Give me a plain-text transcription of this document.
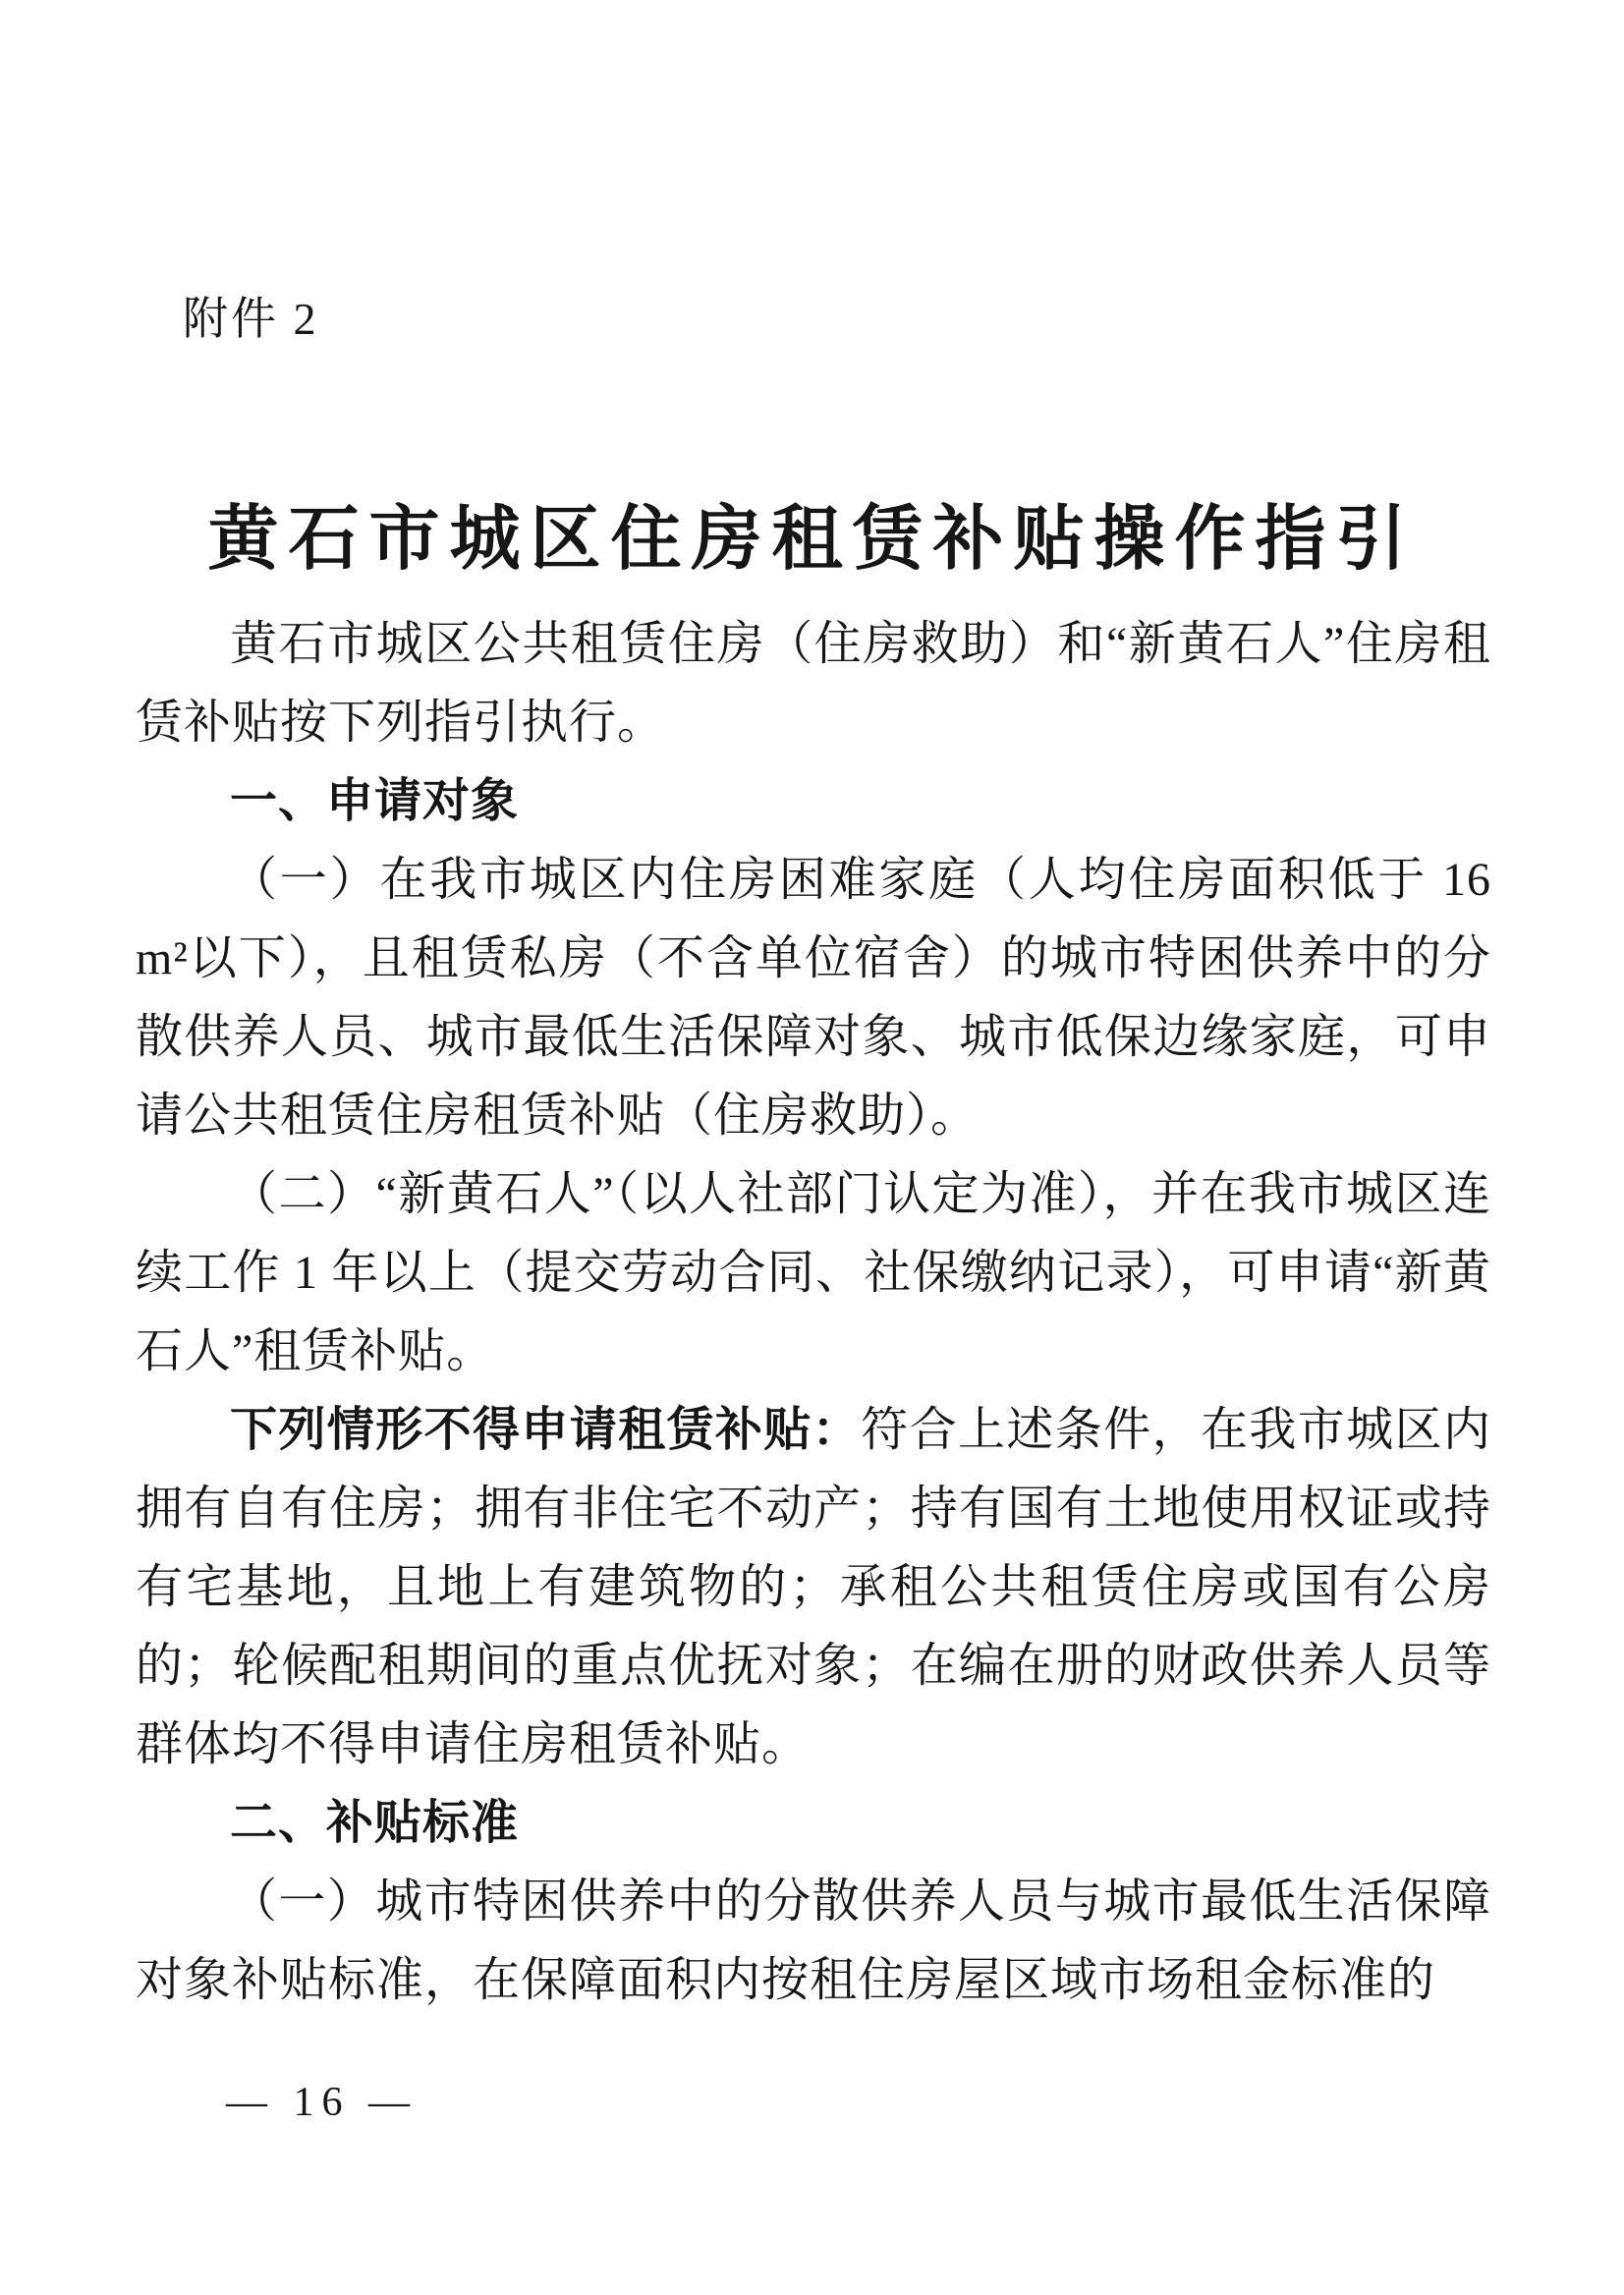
附件 2
黄石市城区住房租赁补贴操作指引

黄石市城区公共租赁住房（住房救助）和“新黄石人”住房租赁补贴按下列指引执行。

一、申请对象

（一）在我市城区内住房困难家庭（人均住房面积低于 16 m²以下），且租赁私房（不含单位宿舍）的城市特困供养中的分散供养人员、城市最低生活保障对象、城市低保边缘家庭，可申请公共租赁住房租赁补贴（住房救助）。

（二）“新黄石人”（以人社部门认定为准），并在我市城区连续工作 1 年以上（提交劳动合同、社保缴纳记录），可申请“新黄石人”租赁补贴。

下列情形不得申请租赁补贴：符合上述条件，在我市城区内拥有自有住房；拥有非住宅不动产；持有国有土地使用权证或持有宅基地，且地上有建筑物的；承租公共租赁住房或国有公房的；轮候配租期间的重点优抚对象；在编在册的财政供养人员等群体均不得申请住房租赁补贴。

二、补贴标准

（一）城市特困供养中的分散供养人员与城市最低生活保障对象补贴标准，在保障面积内按租住房屋区域市场租金标准的

— 16 —
